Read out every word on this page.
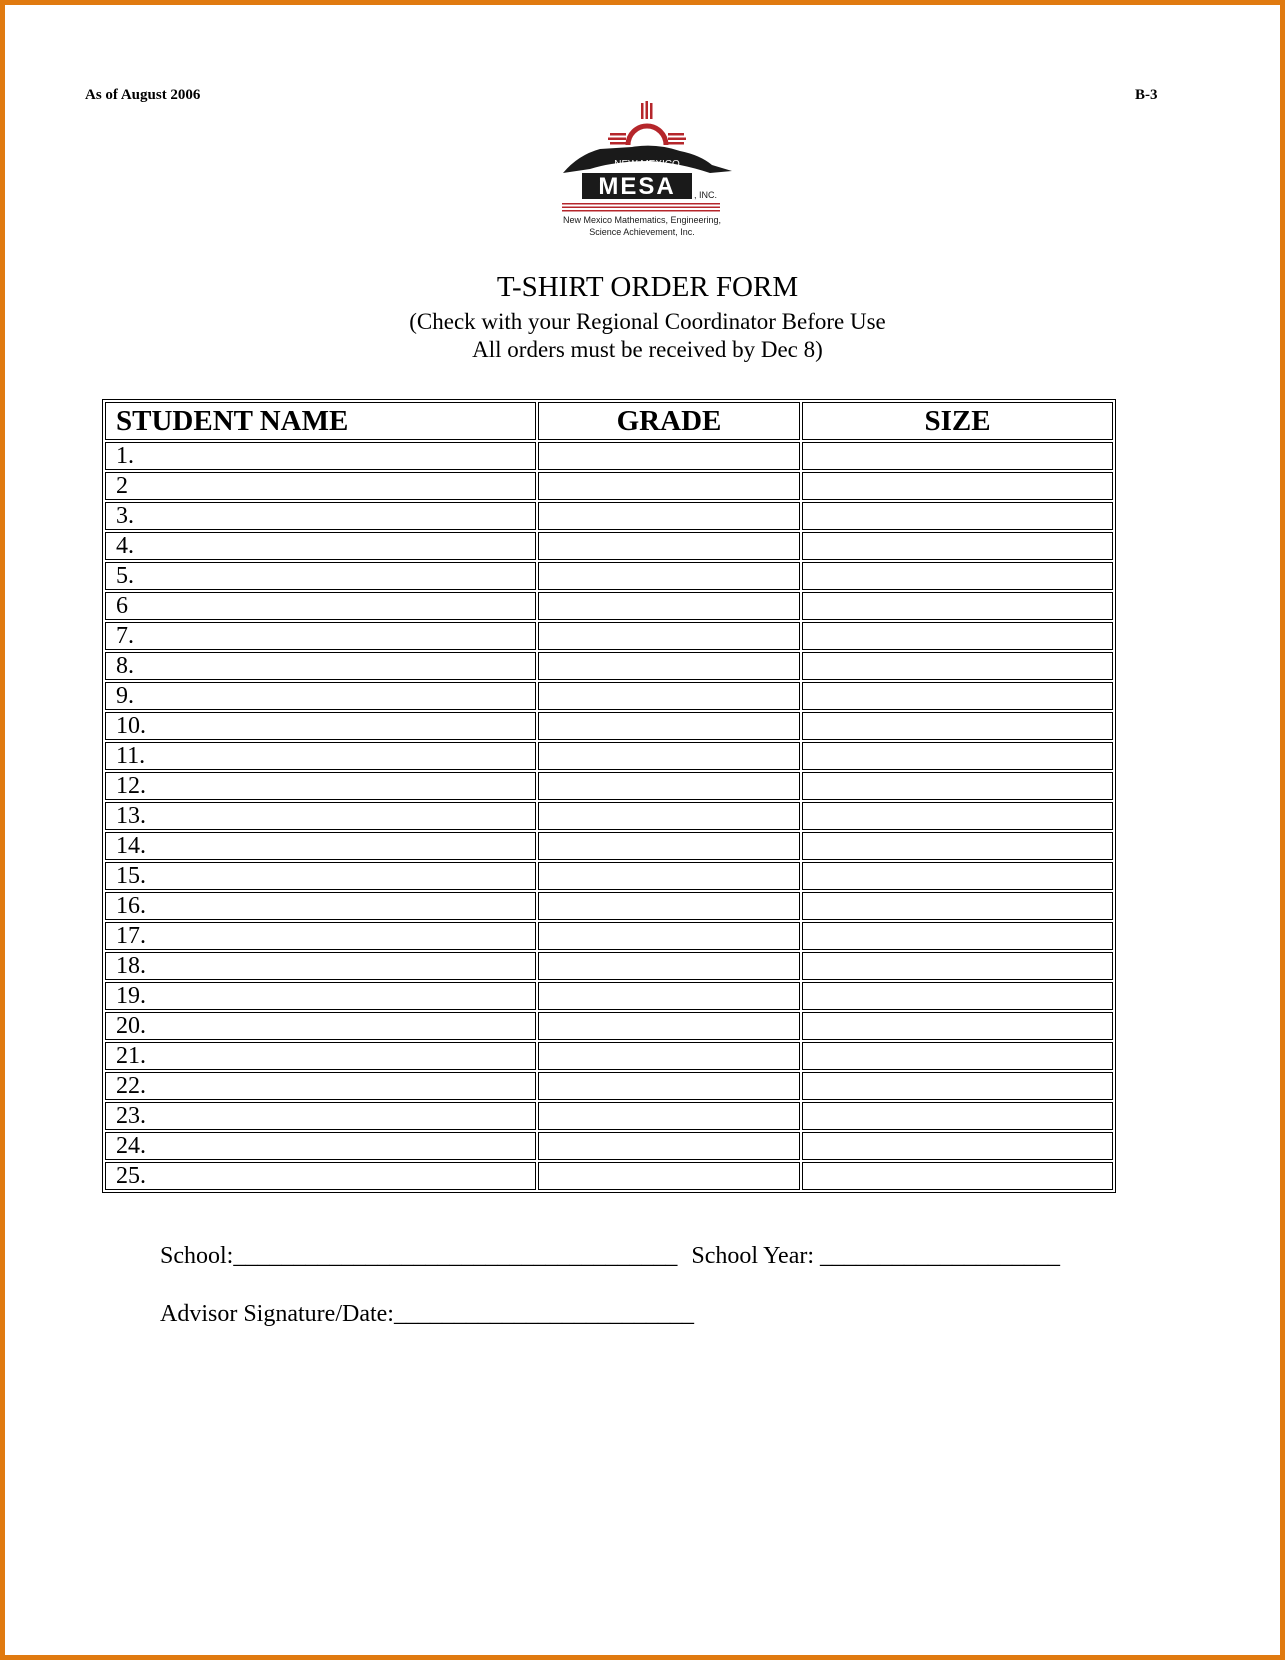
As of August 2006	B-3
NEW MEXICO
MESA , INC.
New Mexico Mathematics, Engineering,
Science Achievement, Inc.
T-SHIRT ORDER FORM
(Check with your Regional Coordinator Before Use
All orders must be received by Dec 8)
STUDENT NAME	GRADE	SIZE
1.		
2		
3.		
4.		
5.		
6		
7.		
8.		
9.		
10.		
11.		
12.		
13.		
14.		
15.		
16.		
17.		
18.		
19.		
20.		
21.		
22.		
23.		
24.		
25.		
School:_____________________________________ School Year: ____________________
Advisor Signature/Date:_________________________
